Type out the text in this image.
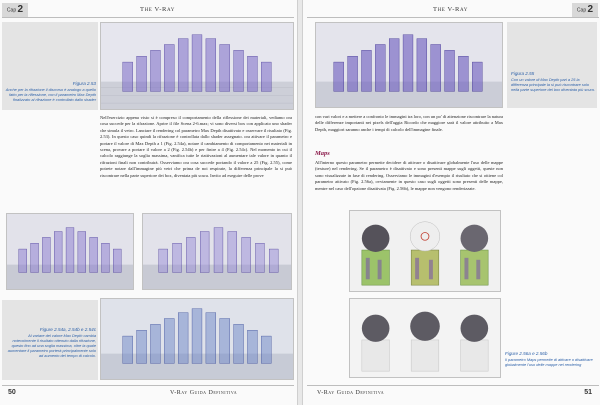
Cap 2	The V-Ray
Figura 2.53
Anche per la rifrazione il discorso è analogo a quello fatto per la riflessione, con il parametro Max Depth finalizzato al rifrazione è controllato dallo shader
Nell'esercizio appena visto si è compreso il comportamento della riflessione dei materiali, vediamo ora cosa succede per la rifrazione. Aprire il file Scena 2-6.max; vi sono diversi box con applicato uno shader che simula il vetro. Lanciare il rendering col parametro Max Depth disattivato e osservare il risultato (Fig. 2.53). In questo caso quindi la rifrazione è controllata dallo shader assegnato. ora attivare il parametro e portare il valore di Max Depth a 1 (Fig. 2.54a), notare il cambiamento di comportamento nei materiali in scena, provare a portare il valore a 2 (Fig. 2.54b) e per finire a 4 (Fig. 2.54c). Nel momento in cui il calcolo raggiunge la soglia massima, vanifica tutte le riattivazioni al aumentare tale valore in quanto il rifrazioni finali non contribuirà. Osserviamo ora cosa succede portando il valore a 25 (Fig. 2.55), come potrete notare dall'immagine più vetri che prima de noi respirate, la differenza principale la si può riscontrare nella parte superiore dei box, diventata più scura. Invito ad eseguire delle prove
Figure 2.54a, 2.54b e 2.54c
Al variare del valore Max Depth cambia notevolmente il risultato ottenuto dalla rifrazione, questo fino ad una soglia massima, oltre la quale aumentare il parametro porterà principalmente solo ad aumento del tempo di calcolo.
50	V-Ray Guida Definitiva
Cap 2
The V-Ray
Figura 2.55
Con un valore di Max Depth pari a 25 la differenza principale la si può riscontrare solo nella parte superiore dei box diventata più scura.
con vari valori e a mettere a confronto le immagini tra loro, con un po' di attenzione riscontrare la natura delle differenze importanti nei pixels dell'aggia Ricordo che maggiore sarà il valore attribuito a Max Depth, maggiori saranno anche i tempi di calcolo dell'immagine finale.
Maps
All'interno questo parametro permette decidere di attivare o disattivare globalmente l'uso delle mappe (texture) nel rendering. Se il parametro è disattivato e sono presenti mappe sugli oggetti, queste non sono visualizzate in fase di rendering. Osserviamo le immagini d'esempio il risultato che si ottiene col parametro attivato (Fig. 2.56a), ovviamente in questo caso sugli oggetti sono presenti delle mappe, mentre nel caso dell'opzione disattivata (Fig. 2.56b), le mappe non vengono renderizzate.
Figure 2.56a e 2.56b
Il parametro Maps permette di attivare o disattivare globalmente l'uso delle mappe nel rendering
V-Ray Guida Definitiva	51
